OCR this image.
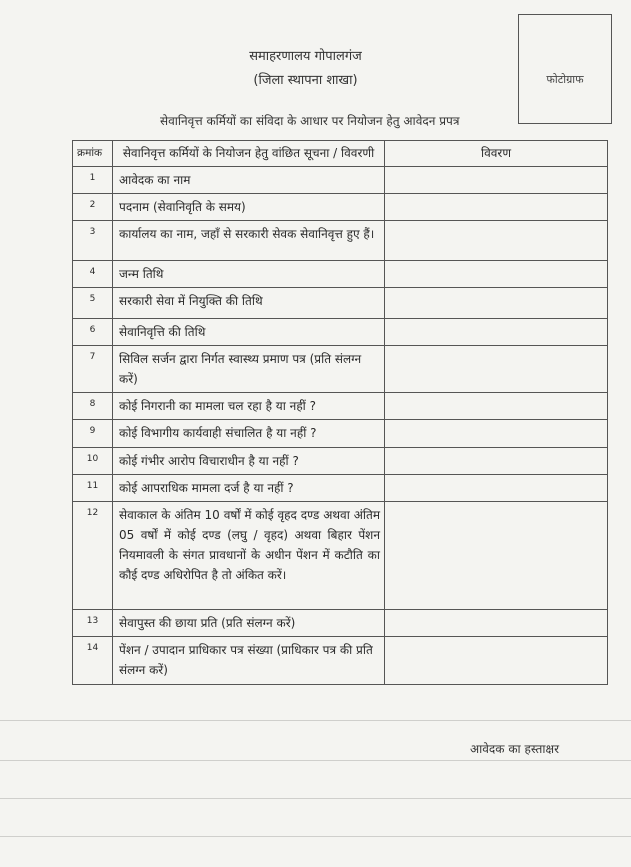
समाहरणालय गोपालगंज
(जिला स्थापना शाखा)	फोटोग्राफ
सेवानिवृत्त कर्मियों का संविदा के आधार पर नियोजन हेतु आवेदन प्रपत्र
क्रमांक	सेवानिवृत्त कर्मियों के नियोजन हेतु वांछित सूचना / विवरणी	विवरण
1	आवेदक का नाम	
2	पदनाम (सेवानिवृति के समय)	
3	कार्यालय का नाम, जहाँ से सरकारी सेवक सेवानिवृत्त हुए हैं।	
4	जन्म तिथि	
5	सरकारी सेवा में नियुक्ति की तिथि	
6	सेवानिवृत्ति की तिथि	
7	सिविल सर्जन द्वारा निर्गत स्वास्थ्य प्रमाण पत्र (प्रति संलग्न करें)	
8	कोई निगरानी का मामला चल रहा है या नहीं ?	
9	कोई विभागीय कार्यवाही संचालित है या नहीं ?	
10	कोई गंभीर आरोप विचाराधीन है या नहीं ?	
11	कोई आपराधिक मामला दर्ज है या नहीं ?	
12	सेवाकाल के अंतिम 10 वर्षों में कोई वृहद दण्ड अथवा अंतिम 05 वर्षों में कोई दण्ड (लघु / वृहद) अथवा बिहार पेंशन नियमावली के संगत प्रावधानों के अधीन पेंशन में कटौति का कौई दण्ड अधिरोपित है तो अंकित करें।	
13	सेवापुस्त की छाया प्रति (प्रति संलग्न करें)	
14	पेंशन / उपादान प्राधिकार पत्र संख्या (प्राधिकार पत्र की प्रति संलग्न करें)	
आवेदक का हस्ताक्षर
